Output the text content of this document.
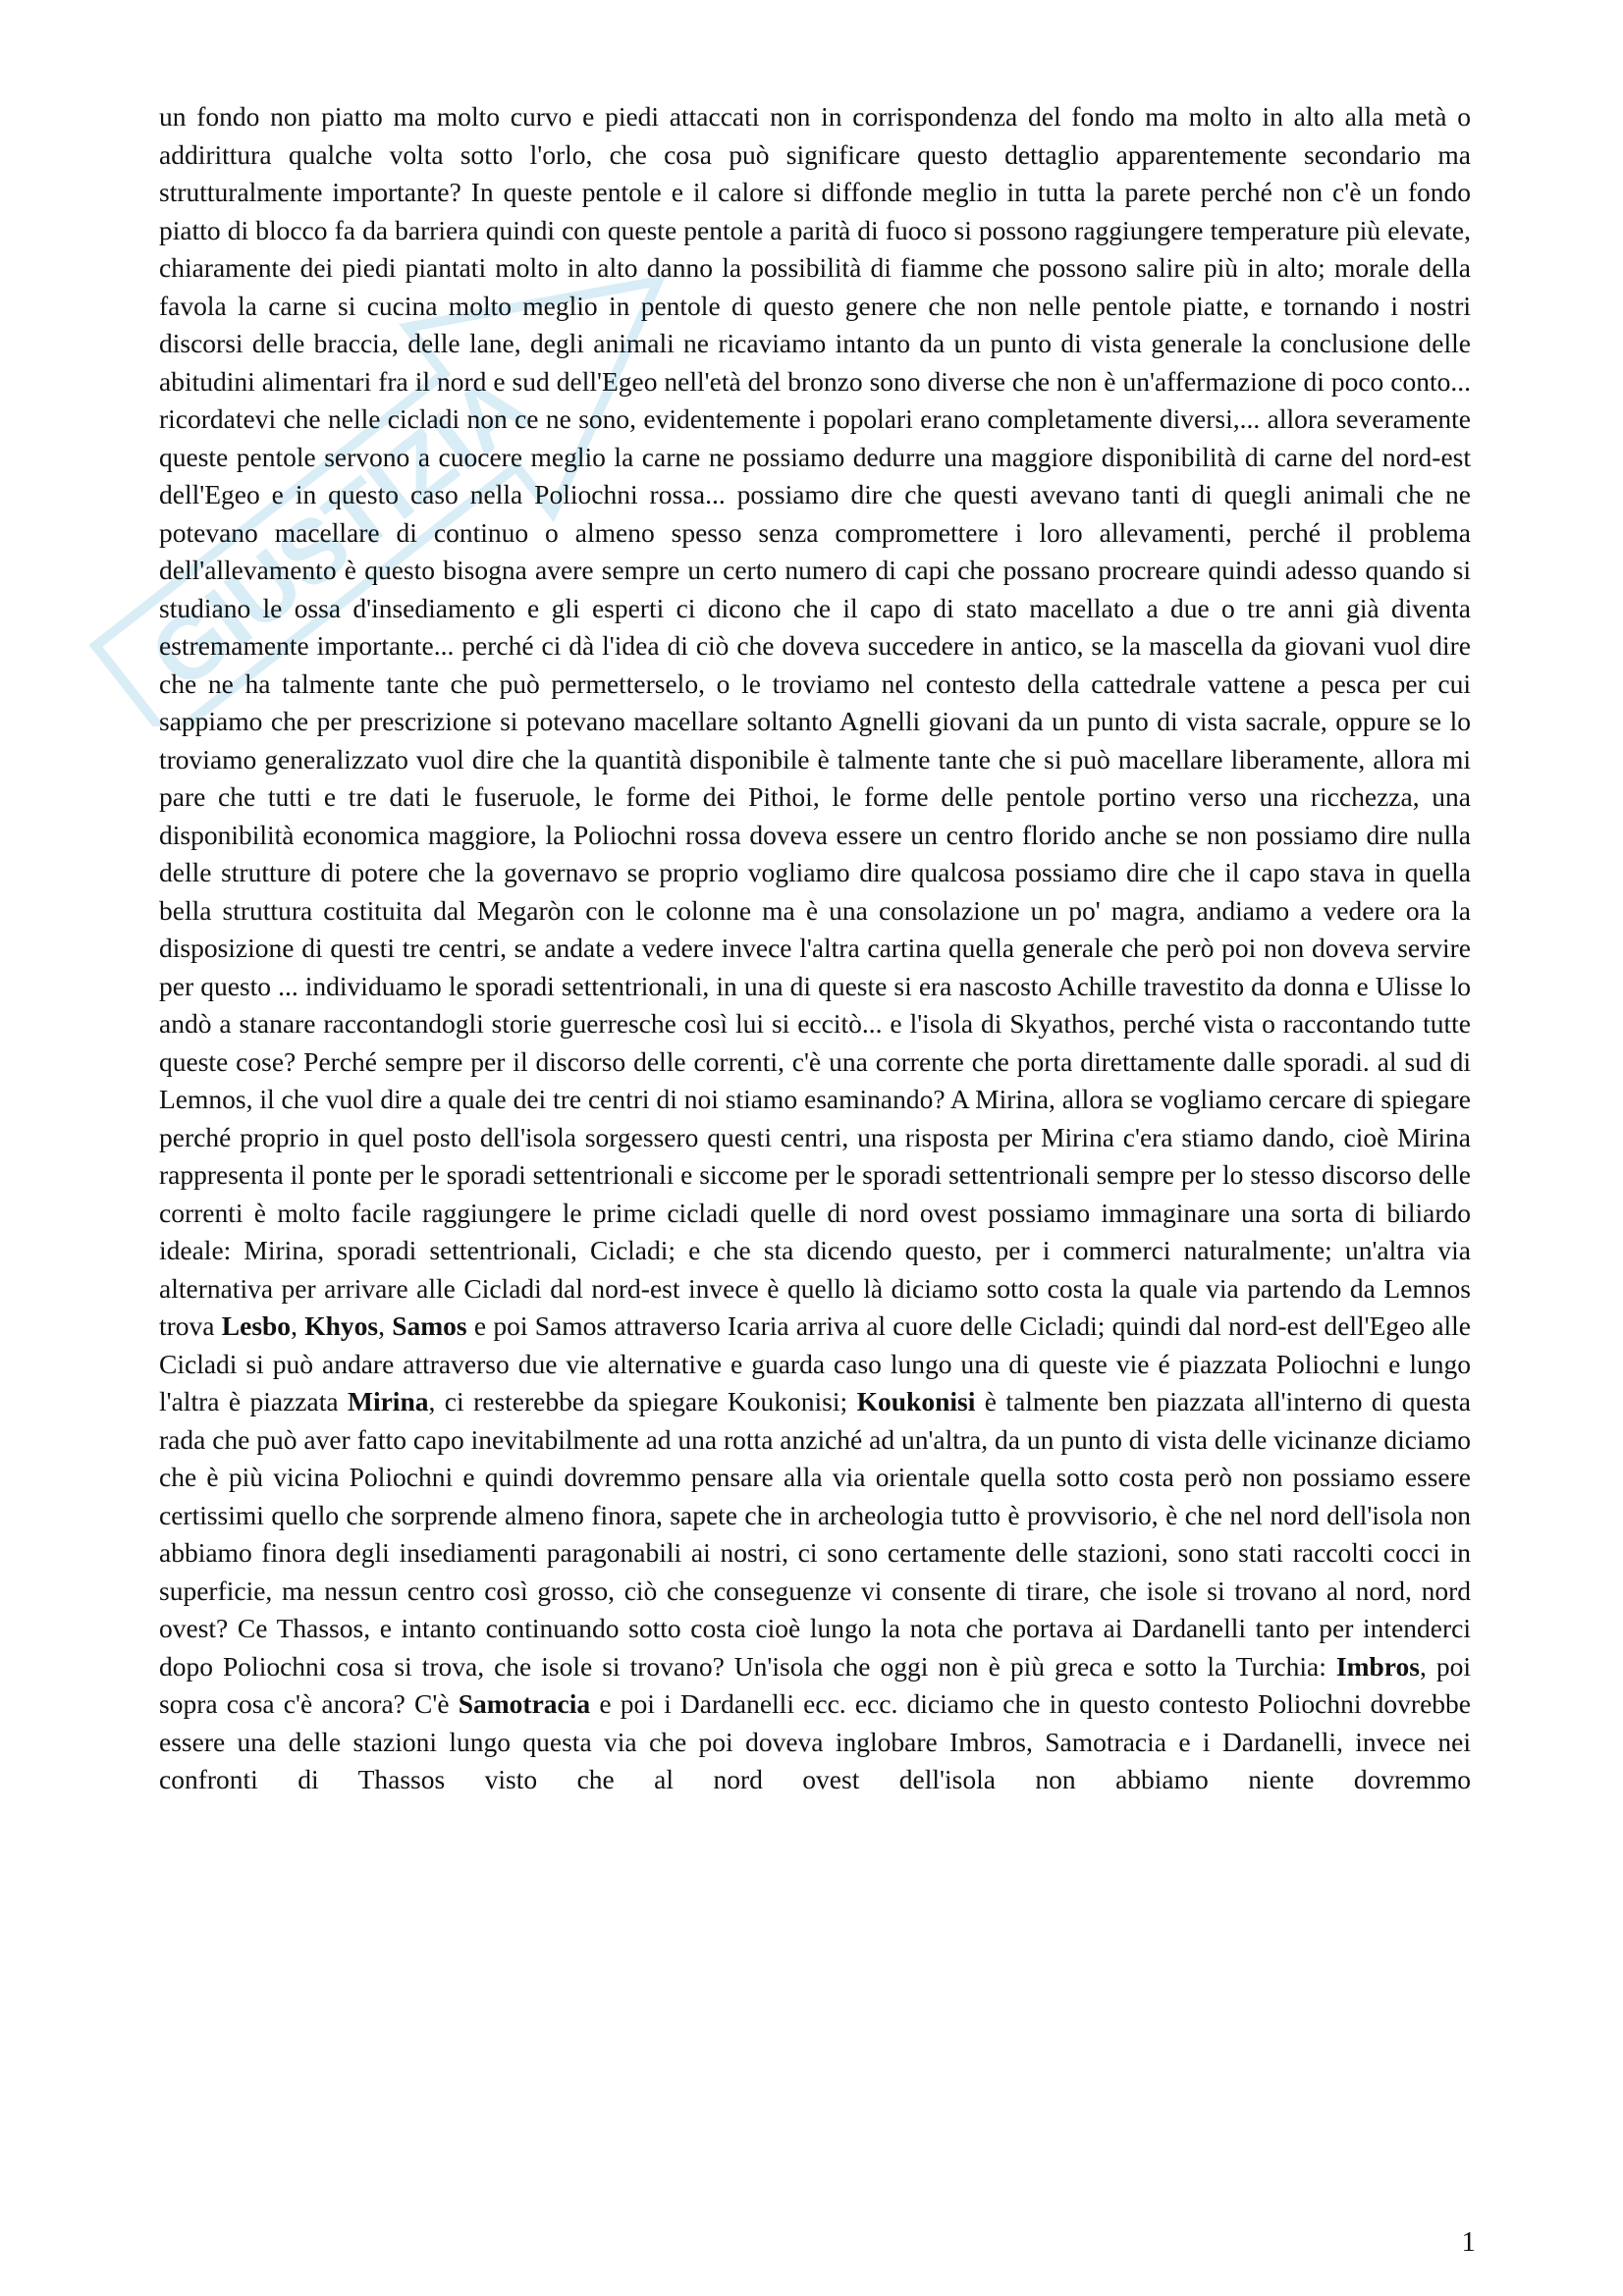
GIUSTIZIA

un fondo non piatto ma molto curvo e piedi attaccati non in corrispondenza del fondo ma molto in alto alla metà o addirittura qualche volta sotto l'orlo, che cosa può significare questo dettaglio apparentemente secondario ma strutturalmente importante? In queste pentole e il calore si diffonde meglio in tutta la parete perché non c'è un fondo piatto di blocco fa da barriera quindi con queste pentole a parità di fuoco si possono raggiungere temperature più elevate, chiaramente dei piedi piantati molto in alto danno la possibilità di fiamme che possono salire più in alto; morale della favola la carne si cucina molto meglio in pentole di questo genere che non nelle pentole piatte, e tornando i nostri discorsi delle braccia, delle lane, degli animali ne ricaviamo intanto da un punto di vista generale la conclusione delle abitudini alimentari fra il nord e sud dell'Egeo nell'età del bronzo sono diverse che non è un'affermazione di poco conto... ricordatevi che nelle cicladi non ce ne sono, evidentemente i popolari erano completamente diversi,... allora severamente queste pentole servono a cuocere meglio la carne ne possiamo dedurre una maggiore disponibilità di carne del nord-est dell'Egeo e in questo caso nella Poliochni rossa... possiamo dire che questi avevano tanti di quegli animali che ne potevano macellare di continuo o almeno spesso senza compromettere i loro allevamenti, perché il problema dell'allevamento è questo bisogna avere sempre un certo numero di capi che possano procreare quindi adesso quando si studiano le ossa d'insediamento e gli esperti ci dicono che il capo di stato macellato a due o tre anni già diventa estremamente importante... perché ci dà l'idea di ciò che doveva succedere in antico, se la mascella da giovani vuol dire che ne ha talmente tante che può permetterselo, o le troviamo nel contesto della cattedrale vattene a pesca per cui sappiamo che per prescrizione si potevano macellare soltanto Agnelli giovani da un punto di vista sacrale, oppure se lo troviamo generalizzato vuol dire che la quantità disponibile è talmente tante che si può macellare liberamente, allora mi pare che tutti e tre dati le fuseruole, le forme dei Pithoi, le forme delle pentole portino verso una ricchezza, una disponibilità economica maggiore, la Poliochni rossa doveva essere un centro florido anche se non possiamo dire nulla delle strutture di potere che la governavo se proprio vogliamo dire qualcosa possiamo dire che il capo stava in quella bella struttura costituita dal Megaròn con le colonne ma è una consolazione un po' magra, andiamo a vedere ora la disposizione di questi tre centri, se andate a vedere invece l'altra cartina quella generale che però poi non doveva servire per questo ... individuamo le sporadi settentrionali, in una di queste si era nascosto Achille travestito da donna e Ulisse lo andò a stanare raccontandogli storie guerresche così lui si eccitò... e l'isola di Skyathos, perché vista o raccontando tutte queste cose? Perché sempre per il discorso delle correnti, c'è una corrente che porta direttamente dalle sporadi. al sud di Lemnos, il che vuol dire a quale dei tre centri di noi stiamo esaminando? A Mirina, allora se vogliamo cercare di spiegare perché proprio in quel posto dell'isola sorgessero questi centri, una risposta per Mirina c'era stiamo dando, cioè Mirina rappresenta il ponte per le sporadi settentrionali e siccome per le sporadi settentrionali sempre per lo stesso discorso delle correnti è molto facile raggiungere le prime cicladi quelle di nord ovest possiamo immaginare una sorta di biliardo ideale: Mirina, sporadi settentrionali, Cicladi; e che sta dicendo questo, per i commerci naturalmente; un'altra via alternativa per arrivare alle Cicladi dal nord-est invece è quello là diciamo sotto costa la quale via partendo da Lemnos trova Lesbo, Khyos, Samos e poi Samos attraverso Icaria arriva al cuore delle Cicladi; quindi dal nord-est dell'Egeo alle Cicladi si può andare attraverso due vie alternative e guarda caso lungo una di queste vie é piazzata Poliochni e lungo l'altra è piazzata Mirina, ci resterebbe da spiegare Koukonisi; Koukonisi è talmente ben piazzata all'interno di questa rada che può aver fatto capo inevitabilmente ad una rotta anziché ad un'altra, da un punto di vista delle vicinanze diciamo che è più vicina Poliochni e quindi dovremmo pensare alla via orientale quella sotto costa però non possiamo essere certissimi quello che sorprende almeno finora, sapete che in archeologia tutto è provvisorio, è che nel nord dell'isola non abbiamo finora degli insediamenti paragonabili ai nostri, ci sono certamente delle stazioni, sono stati raccolti cocci in superficie, ma nessun centro così grosso, ciò che conseguenze vi consente di tirare, che isole si trovano al nord, nord ovest? Ce Thassos, e intanto continuando sotto costa cioè lungo la nota che portava ai Dardanelli tanto per intenderci dopo Poliochni cosa si trova, che isole si trovano? Un'isola che oggi non è più greca e sotto la Turchia: Imbros, poi sopra cosa c'è ancora? C'è Samotracia e poi i Dardanelli ecc. ecc. diciamo che in questo contesto Poliochni dovrebbe essere una delle stazioni lungo questa via che poi doveva inglobare Imbros, Samotracia e i Dardanelli, invece nei confronti di Thassos visto che al nord ovest dell'isola non abbiamo niente dovremmo

1
